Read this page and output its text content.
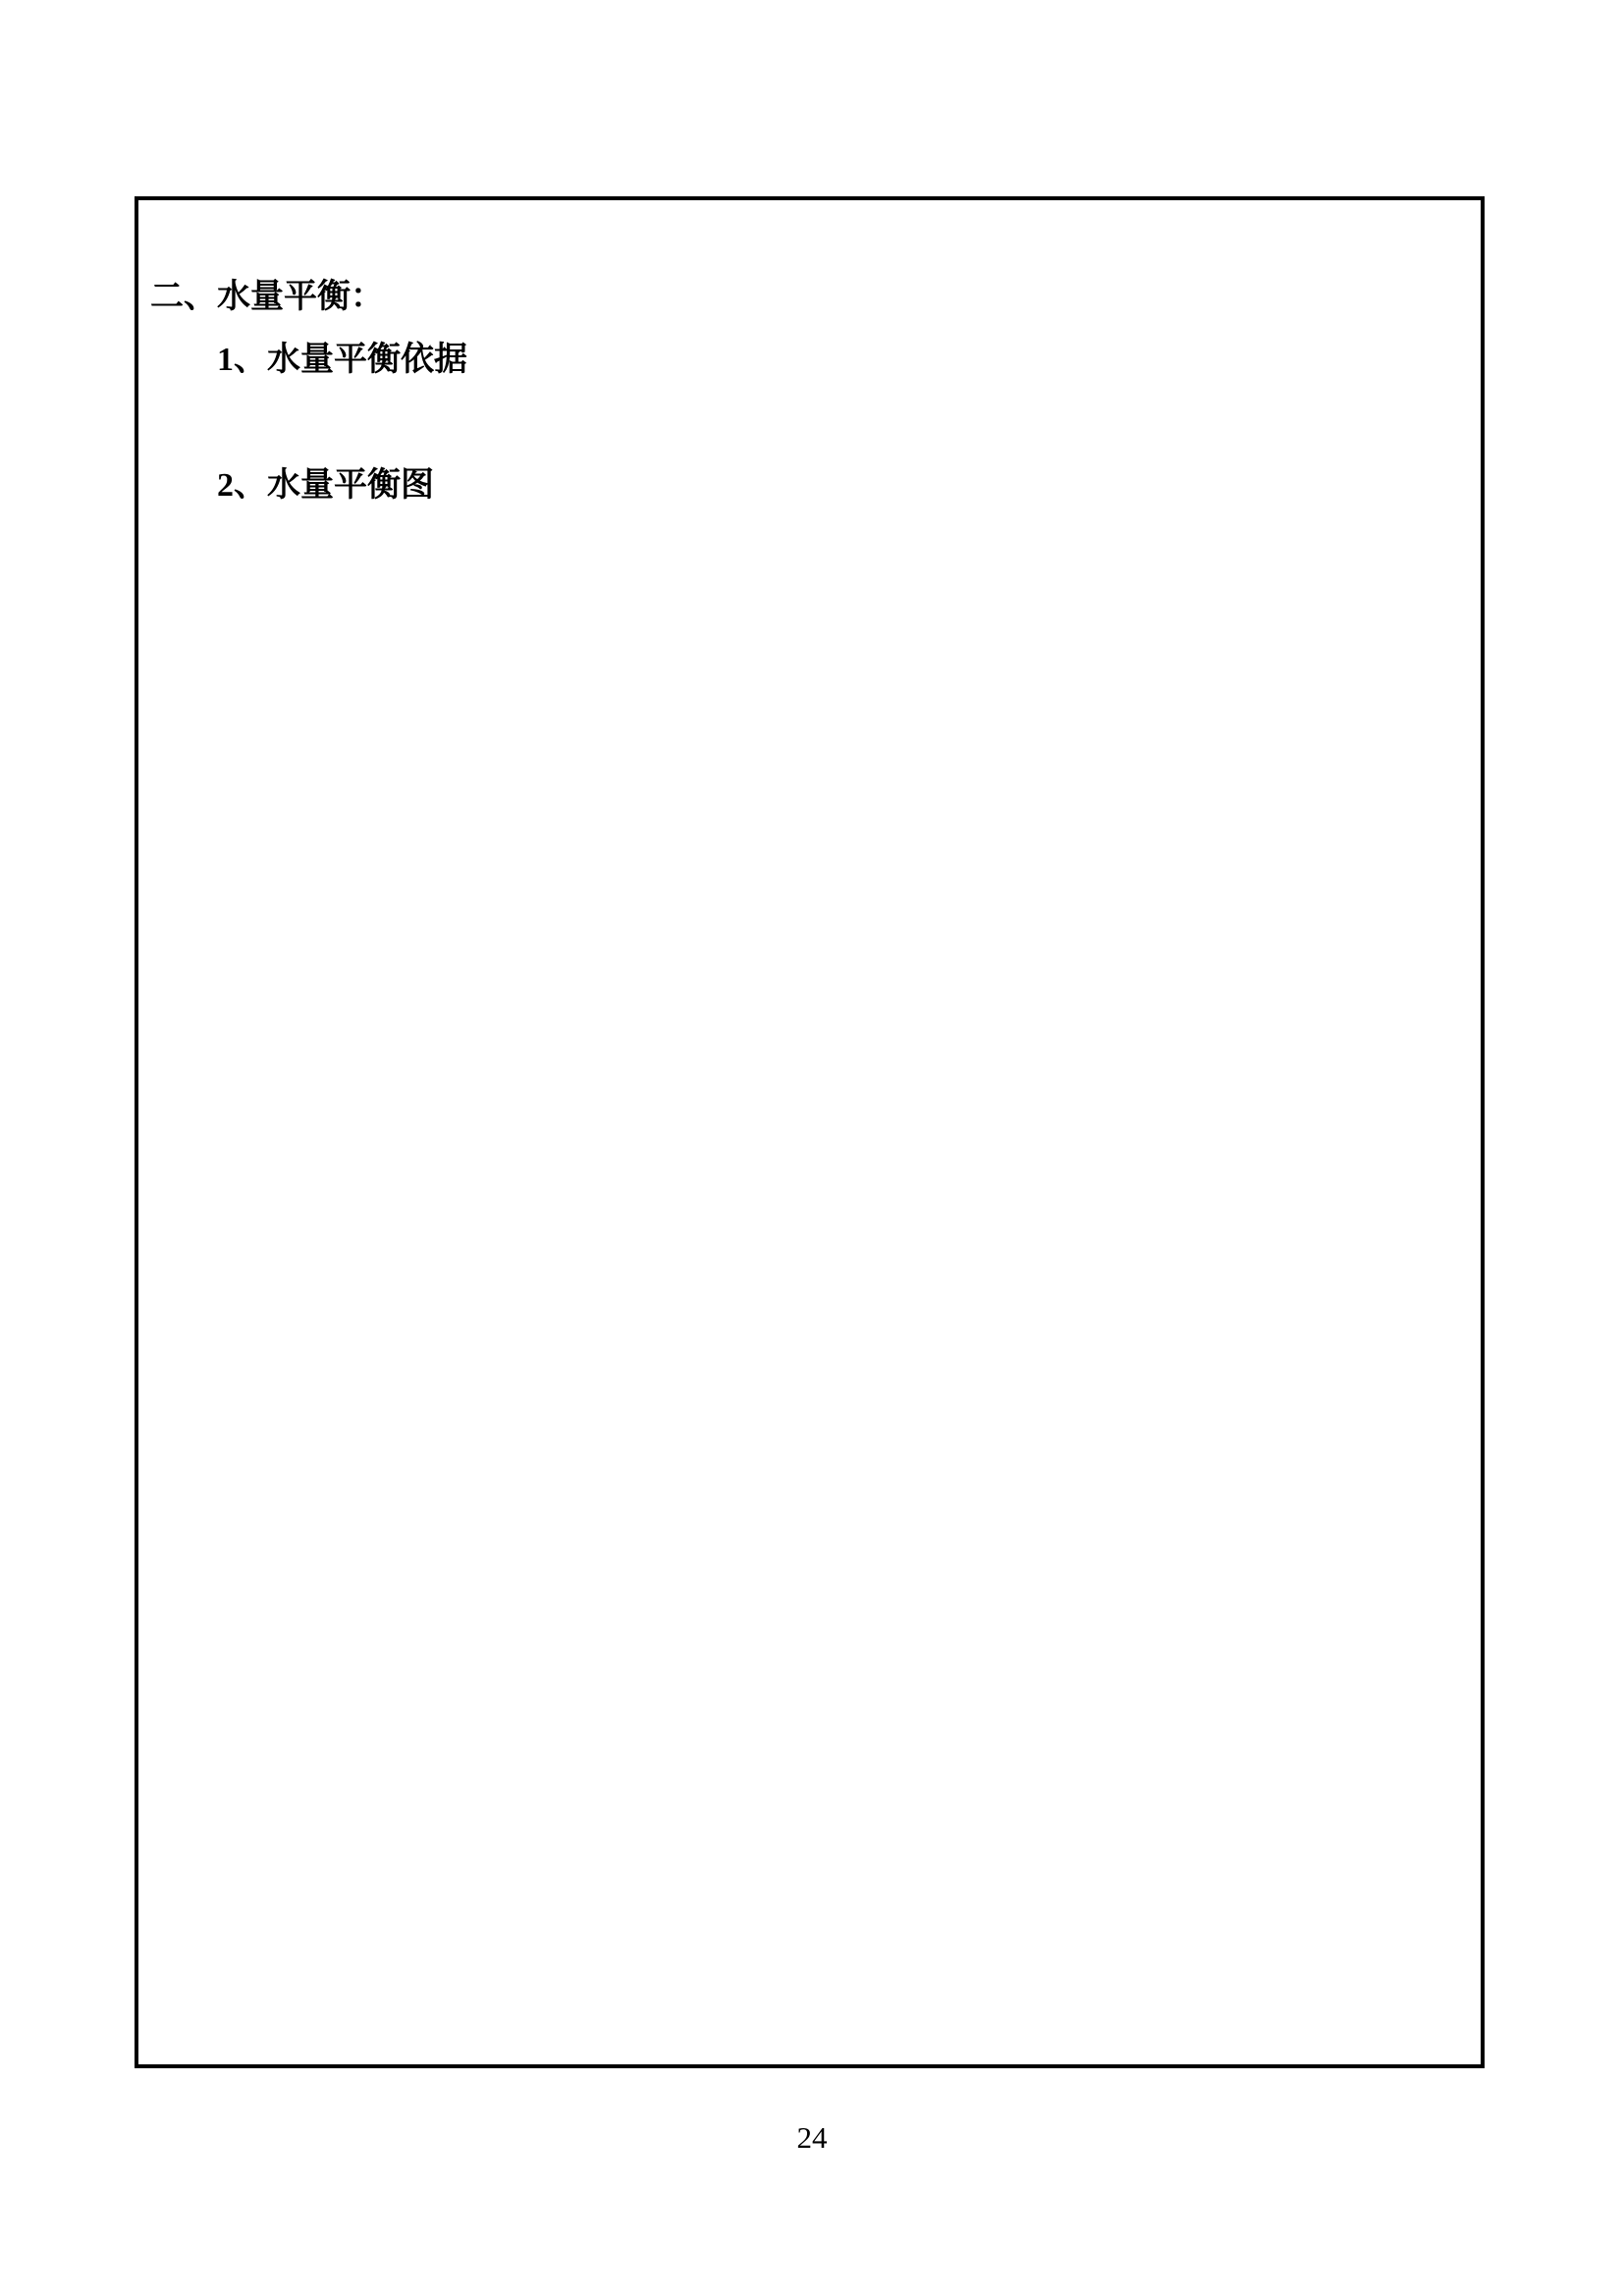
二、水量平衡：

1、水量平衡依据

2、水量平衡图

24
